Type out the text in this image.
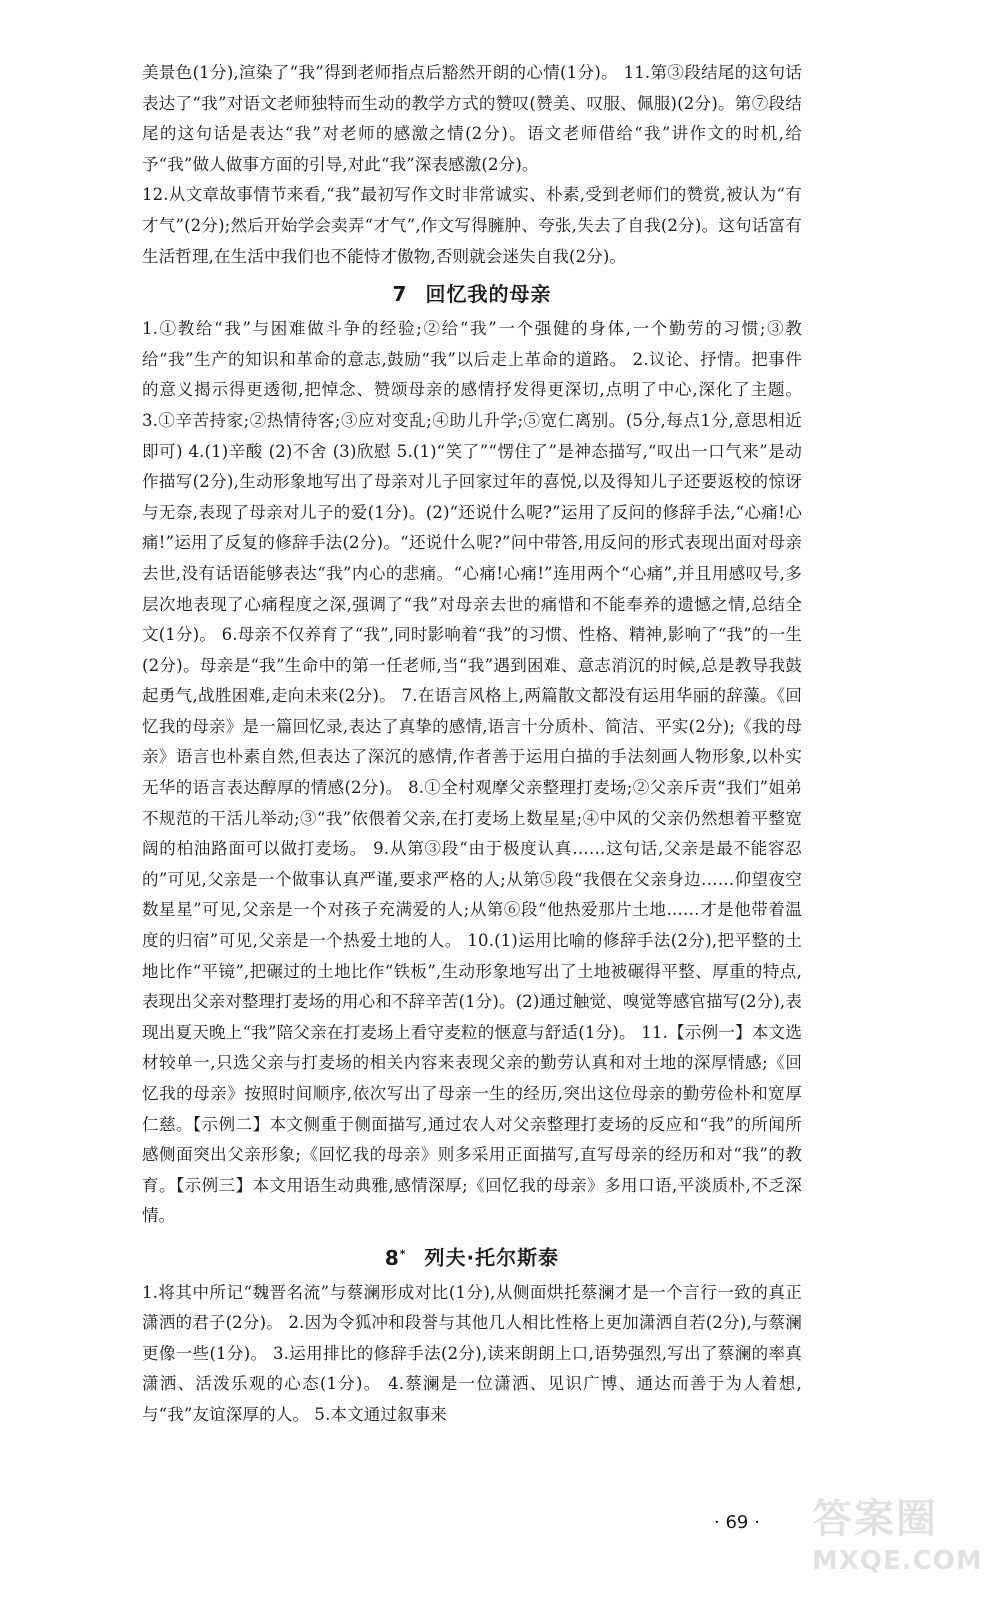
美景色(1分),渲染了“我”得到老师指点后豁然开朗的心情(1分)。 11.第③段结尾的这句话表达了“我”对语文老师独特而生动的教学方式的赞叹(赞美、叹服、佩服)(2分)。第⑦段结尾的这句话是表达“我”对老师的感激之情(2分)。语文老师借给“我”讲作文的时机,给予“我”做人做事方面的引导,对此“我”深表感激(2分)。

12.从文章故事情节来看,“我”最初写作文时非常诚实、朴素,受到老师们的赞赏,被认为“有才气”(2分);然后开始学会卖弄“才气”,作文写得臃肿、夸张,失去了自我(2分)。这句话富有生活哲理,在生活中我们也不能恃才傲物,否则就会迷失自我(2分)。

7 回忆我的母亲

1.①教给“我”与困难做斗争的经验;②给“我”一个强健的身体,一个勤劳的习惯;③教给“我”生产的知识和革命的意志,鼓励“我”以后走上革命的道路。 2.议论、抒情。把事件的意义揭示得更透彻,把悼念、赞颂母亲的感情抒发得更深切,点明了中心,深化了主题。 3.①辛苦持家;②热情待客;③应对变乱;④助儿升学;⑤宽仁离别。(5分,每点1分,意思相近即可) 4.(1)辛酸 (2)不舍 (3)欣慰 5.(1)“笑了”“愣住了”是神态描写,“叹出一口气来”是动作描写(2分),生动形象地写出了母亲对儿子回家过年的喜悦,以及得知儿子还要返校的惊讶与无奈,表现了母亲对儿子的爱(1分)。(2)“还说什么呢?”运用了反问的修辞手法,“心痛!心痛!”运用了反复的修辞手法(2分)。“还说什么呢?”问中带答,用反问的形式表现出面对母亲去世,没有话语能够表达“我”内心的悲痛。“心痛!心痛!”连用两个“心痛”,并且用感叹号,多层次地表现了心痛程度之深,强调了“我”对母亲去世的痛惜和不能奉养的遗憾之情,总结全文(1分)。 6.母亲不仅养育了“我”,同时影响着“我”的习惯、性格、精神,影响了“我”的一生(2分)。母亲是“我”生命中的第一任老师,当“我”遇到困难、意志消沉的时候,总是教导我鼓起勇气,战胜困难,走向未来(2分)。 7.在语言风格上,两篇散文都没有运用华丽的辞藻。《回忆我的母亲》是一篇回忆录,表达了真挚的感情,语言十分质朴、简洁、平实(2分);《我的母亲》语言也朴素自然,但表达了深沉的感情,作者善于运用白描的手法刻画人物形象,以朴实无华的语言表达醇厚的情感(2分)。 8.①全村观摩父亲整理打麦场;②父亲斥责“我们”姐弟不规范的干活儿举动;③“我”依偎着父亲,在打麦场上数星星;④中风的父亲仍然想着平整宽阔的柏油路面可以做打麦场。 9.从第③段“由于极度认真……这句话,父亲是最不能容忍的”可见,父亲是一个做事认真严谨,要求严格的人;从第⑤段“我偎在父亲身边……仰望夜空数星星”可见,父亲是一个对孩子充满爱的人;从第⑥段“他热爱那片土地……才是他带着温度的归宿”可见,父亲是一个热爱土地的人。 10.(1)运用比喻的修辞手法(2分),把平整的土地比作“平镜”,把碾过的土地比作“铁板”,生动形象地写出了土地被碾得平整、厚重的特点,表现出父亲对整理打麦场的用心和不辞辛苦(1分)。(2)通过触觉、嗅觉等感官描写(2分),表现出夏天晚上“我”陪父亲在打麦场上看守麦粒的惬意与舒适(1分)。 11.【示例一】本文选材较单一,只选父亲与打麦场的相关内容来表现父亲的勤劳认真和对土地的深厚情感;《回忆我的母亲》按照时间顺序,依次写出了母亲一生的经历,突出这位母亲的勤劳俭朴和宽厚仁慈。【示例二】本文侧重于侧面描写,通过农人对父亲整理打麦场的反应和“我”的所闻所感侧面突出父亲形象;《回忆我的母亲》则多采用正面描写,直写母亲的经历和对“我”的教育。【示例三】本文用语生动典雅,感情深厚;《回忆我的母亲》多用口语,平淡质朴,不乏深情。

8* 列夫·托尔斯泰

1.将其中所记“魏晋名流”与蔡澜形成对比(1分),从侧面烘托蔡澜才是一个言行一致的真正潇洒的君子(2分)。 2.因为令狐冲和段誉与其他几人相比性格上更加潇洒自若(2分),与蔡澜更像一些(1分)。 3.运用排比的修辞手法(2分),读来朗朗上口,语势强烈,写出了蔡澜的率真潇洒、活泼乐观的心态(1分)。 4.蔡澜是一位潇洒、见识广博、通达而善于为人着想,与“我”友谊深厚的人。 5.本文通过叙事来

· 69 · 答案圈
MXQE.COM
